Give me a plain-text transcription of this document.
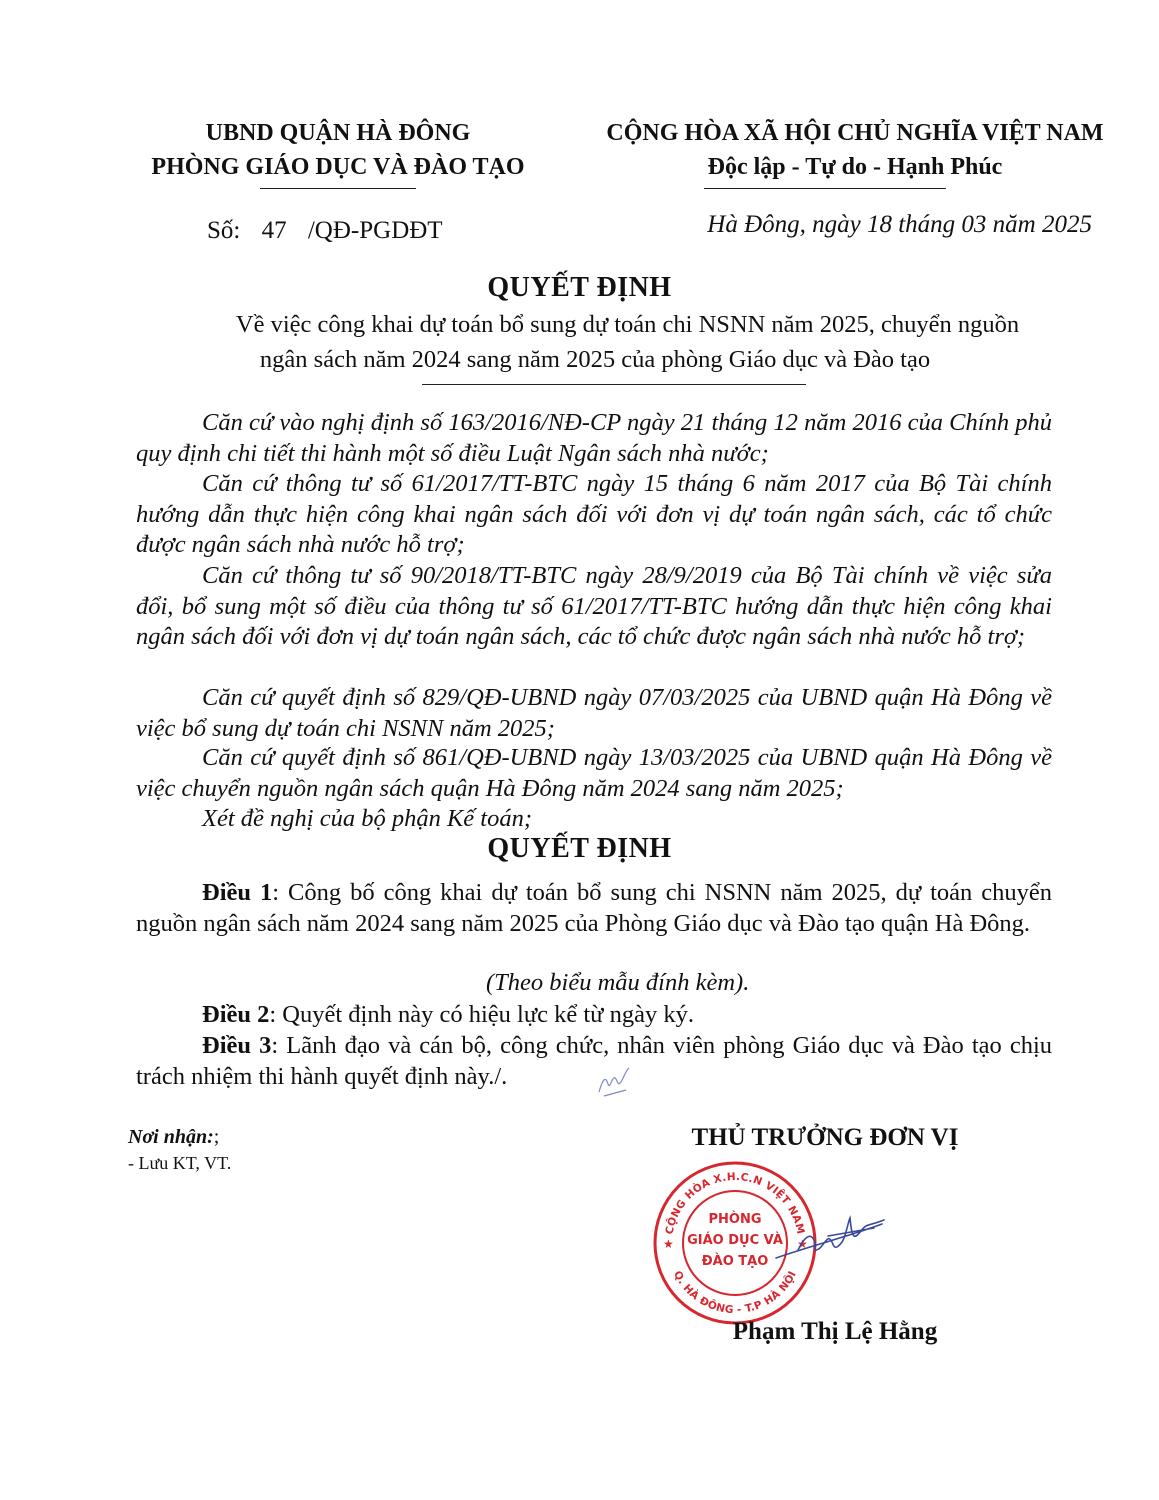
UBND QUẬN HÀ ĐÔNG
PHÒNG GIÁO DỤC VÀ ĐÀO TẠO
CỘNG HÒA XÃ HỘI CHỦ NGHĨA VIỆT NAM
Độc lập - Tự do - Hạnh Phúc
Số: 47 /QĐ-PGDĐT	Hà Đông, ngày 18 tháng 03 năm 2025
QUYẾT ĐỊNH
Về việc công khai dự toán bổ sung dự toán chi NSNN năm 2025, chuyển nguồn
ngân sách năm 2024 sang năm 2025 của phòng Giáo dục và Đào tạo
Căn cứ vào nghị định số 163/2016/NĐ-CP ngày 21 tháng 12 năm 2016 của Chính phủ quy định chi tiết thi hành một số điều Luật Ngân sách nhà nước;
Căn cứ thông tư số 61/2017/TT-BTC ngày 15 tháng 6 năm 2017 của Bộ Tài chính hướng dẫn thực hiện công khai ngân sách đối với đơn vị dự toán ngân sách, các tổ chức được ngân sách nhà nước hỗ trợ;
Căn cứ thông tư số 90/2018/TT-BTC ngày 28/9/2019 của Bộ Tài chính về việc sửa đổi, bổ sung một số điều của thông tư số 61/2017/TT-BTC hướng dẫn thực hiện công khai ngân sách đối với đơn vị dự toán ngân sách, các tổ chức được ngân sách nhà nước hỗ trợ;
Căn cứ quyết định số 829/QĐ-UBND ngày 07/03/2025 của UBND quận Hà Đông về việc bổ sung dự toán chi NSNN năm 2025;
Căn cứ quyết định số 861/QĐ-UBND ngày 13/03/2025 của UBND quận Hà Đông về việc chuyển nguồn ngân sách quận Hà Đông năm 2024 sang năm 2025;
Xét đề nghị của bộ phận Kế toán;
QUYẾT ĐỊNH
Điều 1: Công bố công khai dự toán bổ sung chi NSNN năm 2025, dự toán chuyển nguồn ngân sách năm 2024 sang năm 2025 của Phòng Giáo dục và Đào tạo quận Hà Đông.
(Theo biểu mẫu đính kèm).
Điều 2: Quyết định này có hiệu lực kể từ ngày ký.
Điều 3: Lãnh đạo và cán bộ, công chức, nhân viên phòng Giáo dục và Đào tạo chịu trách nhiệm thi hành quyết định này./.
Nơi nhận:;
- Lưu KT, VT.
THỦ TRƯỞNG ĐƠN VỊ
CỘNG HÒA X.H.C.N VIỆT NAM
Q. HÀ ĐÔNG - T.P HÀ NỘI
★	★
PHÒNG
GIÁO DỤC VÀ
ĐÀO TẠO
Phạm Thị Lệ Hằng
